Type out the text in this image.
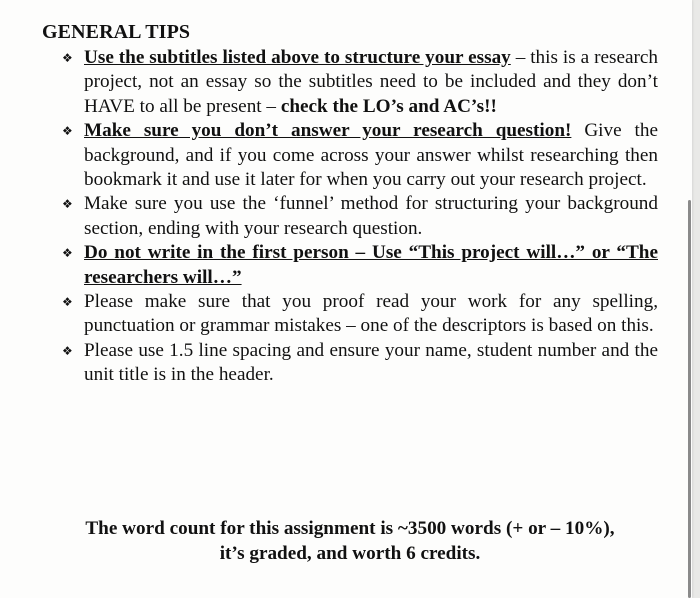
GENERAL TIPS
❖ Use the subtitles listed above to structure your essay – this is a research project, not an essay so the subtitles need to be included and they don’t HAVE to all be present – check the LO’s and AC’s!!
❖ Make sure you don’t answer your research question! Give the background, and if you come across your answer whilst researching then bookmark it and use it later for when you carry out your research project.
❖ Make sure you use the ‘funnel’ method for structuring your background section, ending with your research question.
❖ Do not write in the first person – Use “This project will…” or “The researchers will…”
❖ Please make sure that you proof read your work for any spelling, punctuation or grammar mistakes – one of the descriptors is based on this.
❖ Please use 1.5 line spacing and ensure your name, student number and the unit title is in the header.
The word count for this assignment is ~3500 words (+ or – 10%),
it’s graded, and worth 6 credits.
